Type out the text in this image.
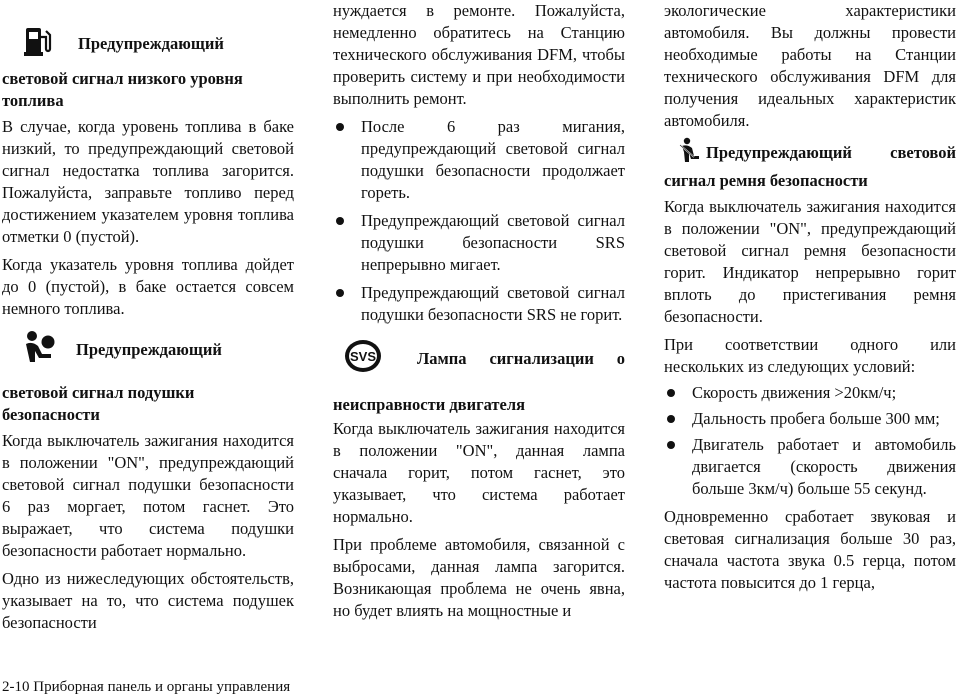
Предупреждающий

световой сигнал низкого уровня топлива

В случае, когда уровень топлива в баке низкий, то предупреждающий световой сигнал недостатка топлива загорится. Пожалуйста, заправьте топливо перед достижением указателем уровня топлива отметки 0 (пустой).

Когда указатель уровня топлива дойдет до 0 (пустой), в баке остается совсем немного топлива.

Предупреждающий

световой сигнал подушки безопасности

Когда выключатель зажигания находится в положении "ON", предупреждающий световой сигнал подушки безопасности 6 раз моргает, потом гаснет. Это выражает, что система подушки безопасности работает нормально.

Одно из нижеследующих обстоятельств, указывает на то, что система подушек безопасности

нуждается в ремонте. Пожалуйста, немедленно обратитесь на Станцию технического обслуживания DFM, чтобы проверить систему и при необходимости выполнить ремонт.

После 6 раз мигания, предупреждающий световой сигнал подушки безопасности продолжает гореть.
Предупреждающий световой сигнал подушки безопасности SRS непрерывно мигает.
Предупреждающий световой сигнал подушки безопасности SRS не горит.
SVS Лампа сигнализации о

неисправности двигателя

Когда выключатель зажигания находится в положении "ON", данная лампа сначала горит, потом гаснет, это указывает, что система работает нормально.

При проблеме автомобиля, связанной с выбросами, данная лампа загорится. Возникающая проблема не очень явна, но будет влиять на мощностные и

экологические характеристики автомобиля. Вы должны провести необходимые работы на Станции технического обслуживания DFM для получения идеальных характеристик автомобиля.

Предупреждающий световой

сигнал ремня безопасности

Когда выключатель зажигания находится в положении "ON", предупреждающий световой сигнал ремня безопасности горит. Индикатор непрерывно горит вплоть до пристегивания ремня безопасности.

При соответствии одного или нескольких из следующих условий:

Скорость движения >20км/ч;
Дальность пробега больше 300 мм;
Двигатель работает и автомобиль двигается (скорость движения больше 3км/ч) больше 55 секунд.

Одновременно сработает звуковая и световая сигнализация больше 30 раз, сначала частота звука 0.5 герца, потом частота повысится до 1 герца,

2-10 Приборная панель и органы управления
